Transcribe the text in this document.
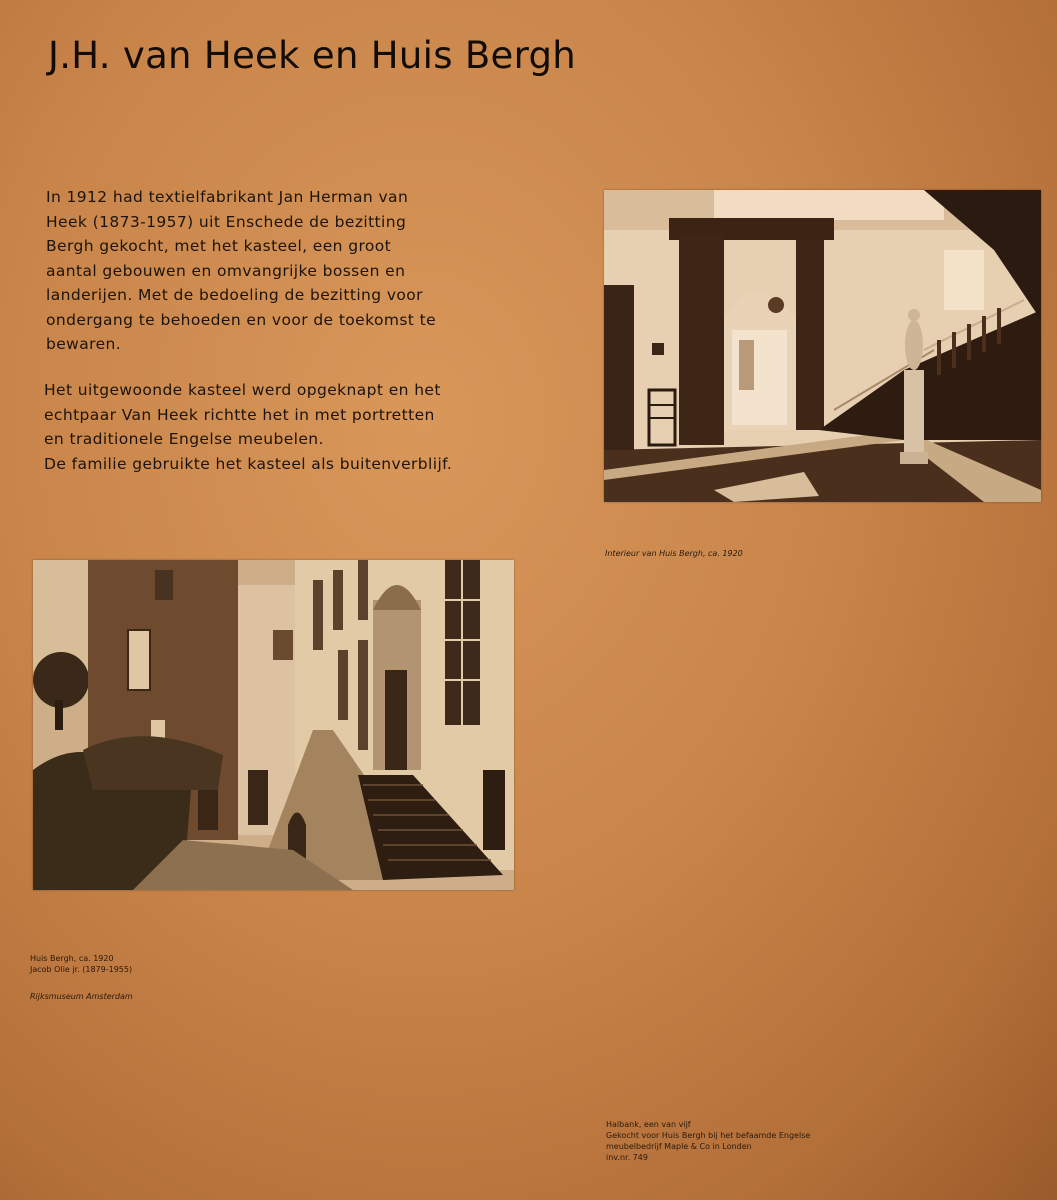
J.H. van Heek en Huis Bergh
In 1912 had textielfabrikant Jan Herman van
Heek (1873-1957) uit Enschede de bezitting
Bergh gekocht, met het kasteel, een groot
aantal gebouwen en omvangrijke bossen en
landerijen. Met de bedoeling de bezitting voor
ondergang te behoeden en voor de toekomst te
bewaren.
Het uitgewoonde kasteel werd opgeknapt en het
echtpaar Van Heek richtte het in met portretten
en traditionele Engelse meubelen.
De familie gebruikte het kasteel als buitenverblijf.
Interieur van Huis Bergh, ca. 1920
Huis Bergh, ca. 1920
Jacob Olie jr. (1879-1955)
Rijksmuseum Amsterdam
Halbank, een van vijf
Gekocht voor Huis Bergh bij het befaamde Engelse
meubelbedrijf Maple & Co in Londen
inv.nr. 749
